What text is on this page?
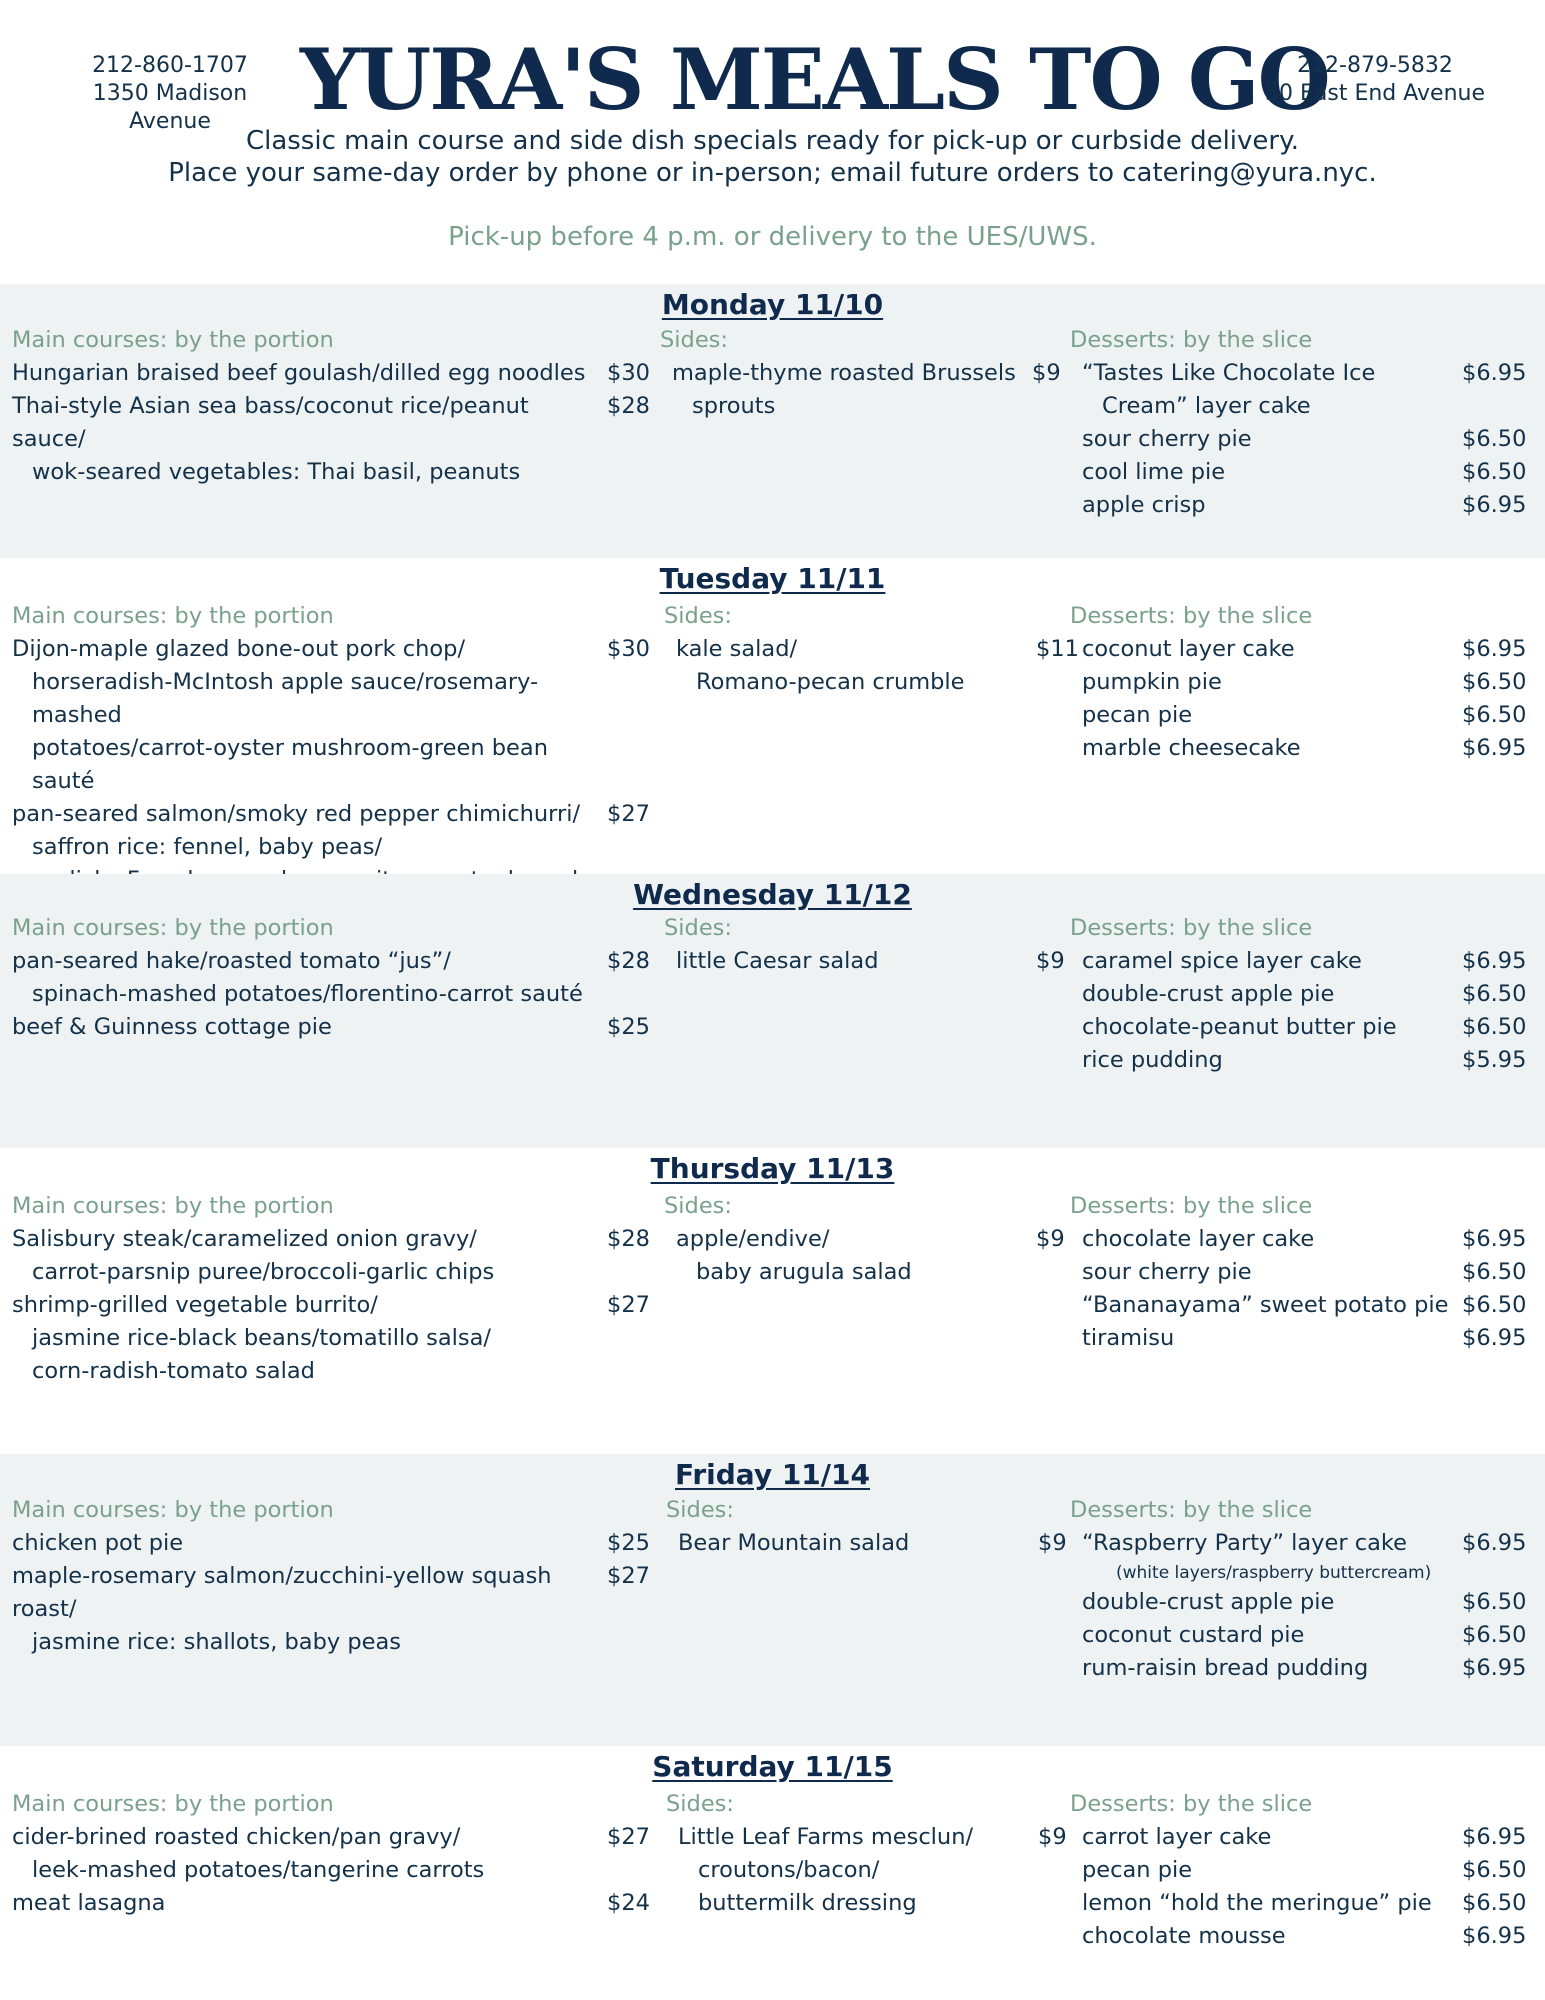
212-860-1707
1350 Madison Avenue	YURA'S MEALS TO GO
212-879-5832
50 East End Avenue
Classic main course and side dish specials ready for pick-up or curbside delivery.
Place your same-day order by phone or in-person; email future orders to catering@yura.nyc.
Pick-up before 4 p.m. or delivery to the UES/UWS.
Monday 11/10
Main courses: by the portion
Hungarian braised beef goulash/dilled egg noodles $30
Thai-style Asian sea bass/coconut rice/peanut sauce/
wok-seared vegetables: Thai basil, peanuts
$28
Sides:
maple-thyme roasted Brussels
sprouts
$9
Desserts: by the slice
“Tastes Like Chocolate Ice
Cream” layer cake
$6.95
sour cherry pie	$6.50
cool lime pie	$6.50
apple crisp	$6.95
Tuesday 11/11
Main courses: by the portion
Dijon-maple glazed bone-out pork chop/
horseradish-McIntosh apple sauce/rosemary-mashed
potatoes/carrot-oyster mushroom-green bean sauté
$30
pan-seared salmon/smoky red pepper chimichurri/
saffron rice: fennel, baby peas/
$27
Sides:
kale salad/
Romano-pecan crumble
$11
Desserts: by the slice
coconut layer cake	$6.95
pumpkin pie	$6.50
pecan pie	$6.50
marble cheesecake	$6.95
Wednesday 11/12
Main courses: by the portion
pan-seared hake/roasted tomato “jus”/
spinach-mashed potatoes/florentino-carrot sauté
$28
beef & Guinness cottage pie	$25
Sides:
little Caesar salad	$9
Desserts: by the slice
caramel spice layer cake	$6.95
double-crust apple pie	$6.50
chocolate-peanut butter pie	$6.50
rice pudding	$5.95
Thursday 11/13
Main courses: by the portion
Salisbury steak/caramelized onion gravy/
carrot-parsnip puree/broccoli-garlic chips
$28
shrimp-grilled vegetable burrito/
jasmine rice-black beans/tomatillo salsa/
corn-radish-tomato salad
$27
Sides:
apple/endive/
baby arugula salad
$9
Desserts: by the slice
chocolate layer cake	$6.95
sour cherry pie	$6.50
“Bananayama” sweet potato pie $6.50
tiramisu	$6.95
Friday 11/14
Main courses: by the portion
chicken pot pie	$25
maple-rosemary salmon/zucchini-yellow squash roast/
jasmine rice: shallots, baby peas
$27
Sides:
Bear Mountain salad	$9
Desserts: by the slice
“Raspberry Party” layer cake
(white layers/raspberry buttercream)
$6.95
double-crust apple pie	$6.50
coconut custard pie	$6.50
rum-raisin bread pudding	$6.95
Saturday 11/15
Main courses: by the portion
cider-brined roasted chicken/pan gravy/
leek-mashed potatoes/tangerine carrots
$27
meat lasagna	$24
Sides:
Little Leaf Farms mesclun/
croutons/bacon/
buttermilk dressing
$9
Desserts: by the slice
carrot layer cake	$6.95
pecan pie	$6.50
lemon “hold the meringue” pie	$6.50
chocolate mousse	$6.95
